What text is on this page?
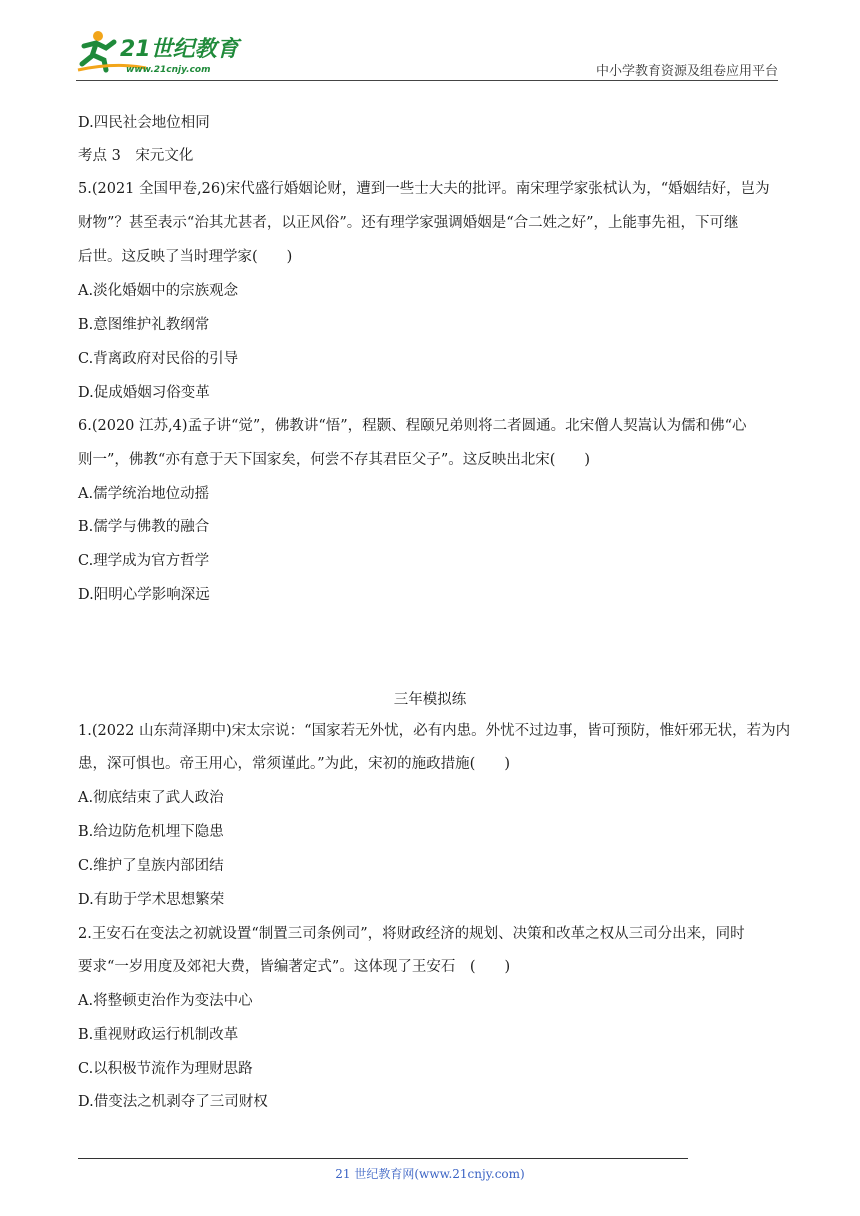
21世纪教育
www.21cnjy.com	中小学教育资源及组卷应用平台
D.四民社会地位相同
考点 3　宋元文化
5.(2021 全国甲卷,26)宋代盛行婚姻论财，遭到一些士大夫的批评。南宋理学家张栻认为，“婚姻结好，岂为
财物”？甚至表示“治其尤甚者，以正风俗”。还有理学家强调婚姻是“合二姓之好”，上能事先祖，下可继
后世。这反映了当时理学家(　　)
A.淡化婚姻中的宗族观念
B.意图维护礼教纲常
C.背离政府对民俗的引导
D.促成婚姻习俗变革
6.(2020 江苏,4)孟子讲“觉”，佛教讲“悟”，程颢、程颐兄弟则将二者圆通。北宋僧人契嵩认为儒和佛“心
则一”，佛教“亦有意于天下国家矣，何尝不存其君臣父子”。这反映出北宋(　　)
A.儒学统治地位动摇
B.儒学与佛教的融合
C.理学成为官方哲学
D.阳明心学影响深远
1.(2022 山东菏泽期中)宋太宗说：“国家若无外忧，必有内患。外忧不过边事，皆可预防，惟奸邪无状，若为内
患，深可惧也。帝王用心，常须谨此。”为此，宋初的施政措施(　　)
A.彻底结束了武人政治
B.给边防危机埋下隐患
C.维护了皇族内部团结
D.有助于学术思想繁荣
2.王安石在变法之初就设置“制置三司条例司”，将财政经济的规划、决策和改革之权从三司分出来，同时
要求“一岁用度及郊祀大费，皆编著定式”。这体现了王安石　(　　)
A.将整顿吏治作为变法中心
B.重视财政运行机制改革
C.以积极节流作为理财思路
D.借变法之机剥夺了三司财权
三年模拟练
21 世纪教育网(www.21cnjy.com)
